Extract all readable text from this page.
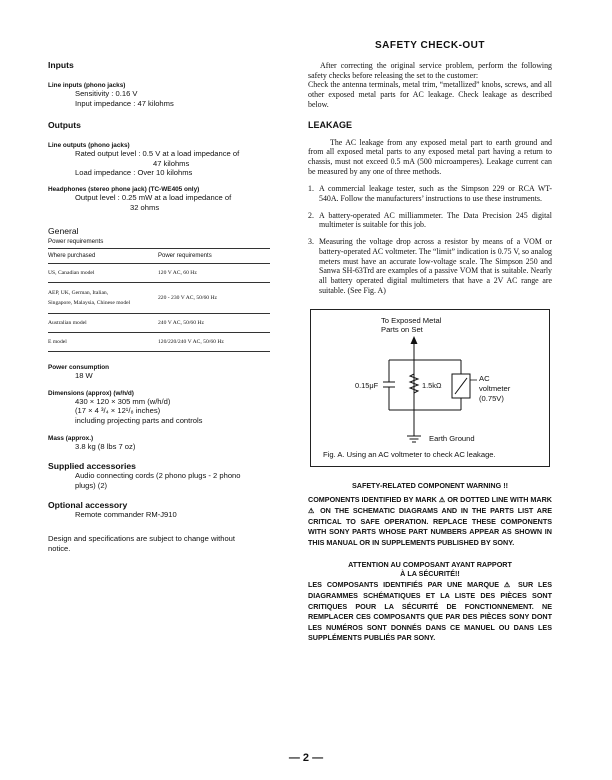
Inputs

Line inputs (phono jacks)

Sensitivity : 0.16 V

Input impedance : 47 kilohms

Outputs

Line outputs (phono jacks)

Rated output level : 0.5 V at a load impedance of

47 kilohms

Load impedance : Over 10 kilohms

Headphones (stereo phone jack) (TC-WE405 only)

Output level : 0.25 mW at a load impedance of

32 ohms

General

Power requirements

Where purchased	Power requirements
US, Canadian model	120 V AC, 60 Hz
AEP, UK, German, Italian,
Singapore, Malaysia, Chinese model	220 - 230 V AC, 50/60 Hz
Australian model	240 V AC, 50/60 Hz
E model	120/220/240 V AC, 50/60 Hz

Power consumption

18 W

Dimensions (approx) (w/h/d)

430 × 120 × 305 mm (w/h/d)

(17 × 4 ³/₄ × 12¹/₈ inches)

including projecting parts and controls

Mass (approx.)

3.8 kg (8 lbs 7 oz)

Supplied accessories

Audio connecting cords (2 phono plugs - 2 phono

plugs) (2)

Optional accessory

Remote commander RM-J910

Design and specifications are subject to change without notice.

SAFETY CHECK-OUT

After correcting the original service problem, perform the following safety checks before releasing the set to the customer:

Check the antenna terminals, metal trim, “metallized” knobs, screws, and all other exposed metal parts for AC leakage. Check leakage as described below.

LEAKAGE

The AC leakage from any exposed metal part to earth ground and from all exposed metal parts to any exposed metal part having a return to chassis, must not exceed 0.5 mA (500 microamperes). Leakage current can be measured by any one of three methods.

1. A commercial leakage tester, such as the Simpson 229 or RCA WT-540A. Follow the manufacturers’ instructions to use these instruments.
2. A battery-operated AC milliammeter. The Data Precision 245 digital multimeter is suitable for this job.
3. Measuring the voltage drop across a resistor by means of a VOM or battery-operated AC voltmeter. The “limit” indication is 0.75 V, so analog meters must have an accurate low-voltage scale. The Simpson 250 and Sanwa SH-63Trd are examples of a passive VOM that is suitable. Nearly all battery operated digital multimeters that have a 2V AC range are suitable. (See Fig. A)
To Exposed Metal
Parts on Set
0.15μF	1.5kΩ
AC
voltmeter
(0.75V)
Earth Ground
Fig. A. Using an AC voltmeter to check AC leakage.

SAFETY-RELATED COMPONENT WARNING !!

COMPONENTS IDENTIFIED BY MARK ⚠ OR DOTTED LINE WITH MARK ⚠ ON THE SCHEMATIC DIAGRAMS AND IN THE PARTS LIST ARE CRITICAL TO SAFE OPERATION. REPLACE THESE COMPONENTS WITH SONY PARTS WHOSE PART NUMBERS APPEAR AS SHOWN IN THIS MANUAL OR IN SUPPLEMENTS PUBLISHED BY SONY.

ATTENTION AU COMPOSANT AYANT RAPPORT

À LA SÉCURITÉ!!

LES COMPOSANTS IDENTIFIÉS PAR UNE MARQUE ⚠ SUR LES DIAGRAMMES SCHÉMATIQUES ET LA LISTE DES PIÈCES SONT CRITIQUES POUR LA SÉCURITÉ DE FONCTIONNEMENT. NE REMPLACER CES COMPOSANTS QUE PAR DES PIÈCES SONY DONT LES NUMÉROS SONT DONNÉS DANS CE MANUEL OU DANS LES SUPPLÉMENTS PUBLIÉS PAR SONY.

— 2 —
